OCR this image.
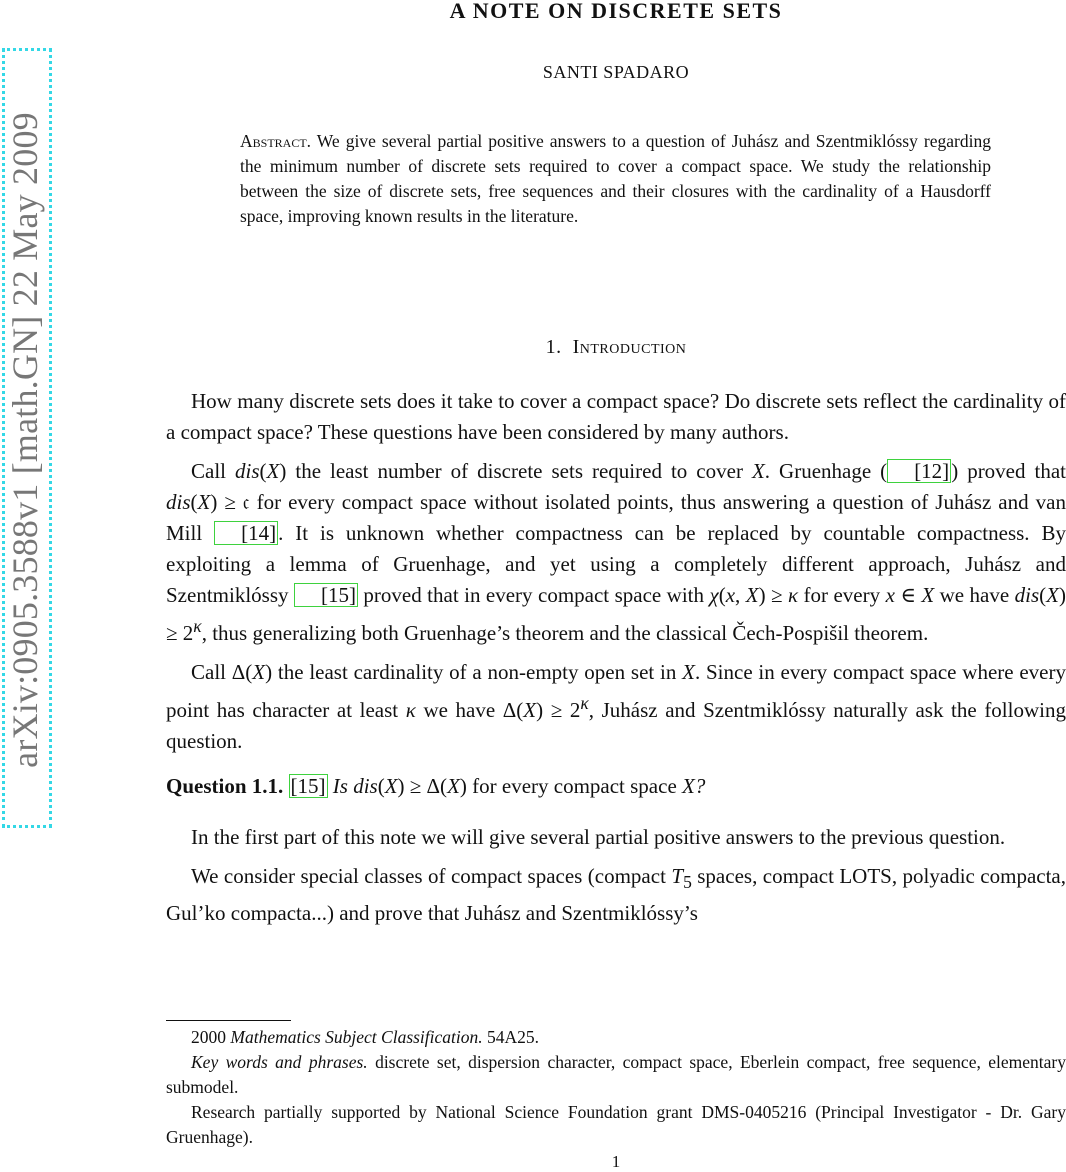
arXiv:0905.3588v1 [math.GN] 22 May 2009
A NOTE ON DISCRETE SETS
SANTI SPADARO
Abstract. We give several partial positive answers to a question of Juhász and Szentmiklóssy regarding the minimum number of discrete sets required to cover a compact space. We study the relationship between the size of discrete sets, free sequences and their closures with the cardinality of a Hausdorff space, improving known results in the literature.
1. Introduction

How many discrete sets does it take to cover a compact space? Do discrete sets reflect the cardinality of a compact space? These questions have been considered by many authors.

Call dis(X) the least number of discrete sets required to cover X. Gruenhage ( [12]) proved that dis(X) ≥ 𝔠 for every compact space without isolated points, thus answering a question of Juhász and van Mill [14]. It is unknown whether compactness can be replaced by countable compactness. By exploiting a lemma of Gruenhage, and yet using a completely different approach, Juhász and Szentmiklóssy [15] proved that in every compact space with χ(x, X) ≥ κ for every x ∈ X we have $dis(X) \ge 2^\kappa$, thus generalizing both Gruenhage’s theorem and the classical Čech-Pospišil theorem.

Call Δ(X) the least cardinality of a non-empty open set in X. Since in every compact space where every point has character at least κ we have $\Delta(X) \ge 2^\kappa$, Juhász and Szentmiklóssy naturally ask the following question.

Question 1.1. [15] Is dis(X) ≥ Δ(X) for every compact space X?

In the first part of this note we will give several partial positive answers to the previous question.

We consider special classes of compact spaces (compact $T_5$ spaces, compact LOTS, polyadic compacta, Gul’ko compacta...) and prove that Juhász and Szentmiklóssy’s

2000 Mathematics Subject Classification. 54A25.

Key words and phrases. discrete set, dispersion character, compact space, Eberlein compact, free sequence, elementary submodel.

Research partially supported by National Science Foundation grant DMS-0405216 (Principal Investigator - Dr. Gary Gruenhage).

1
